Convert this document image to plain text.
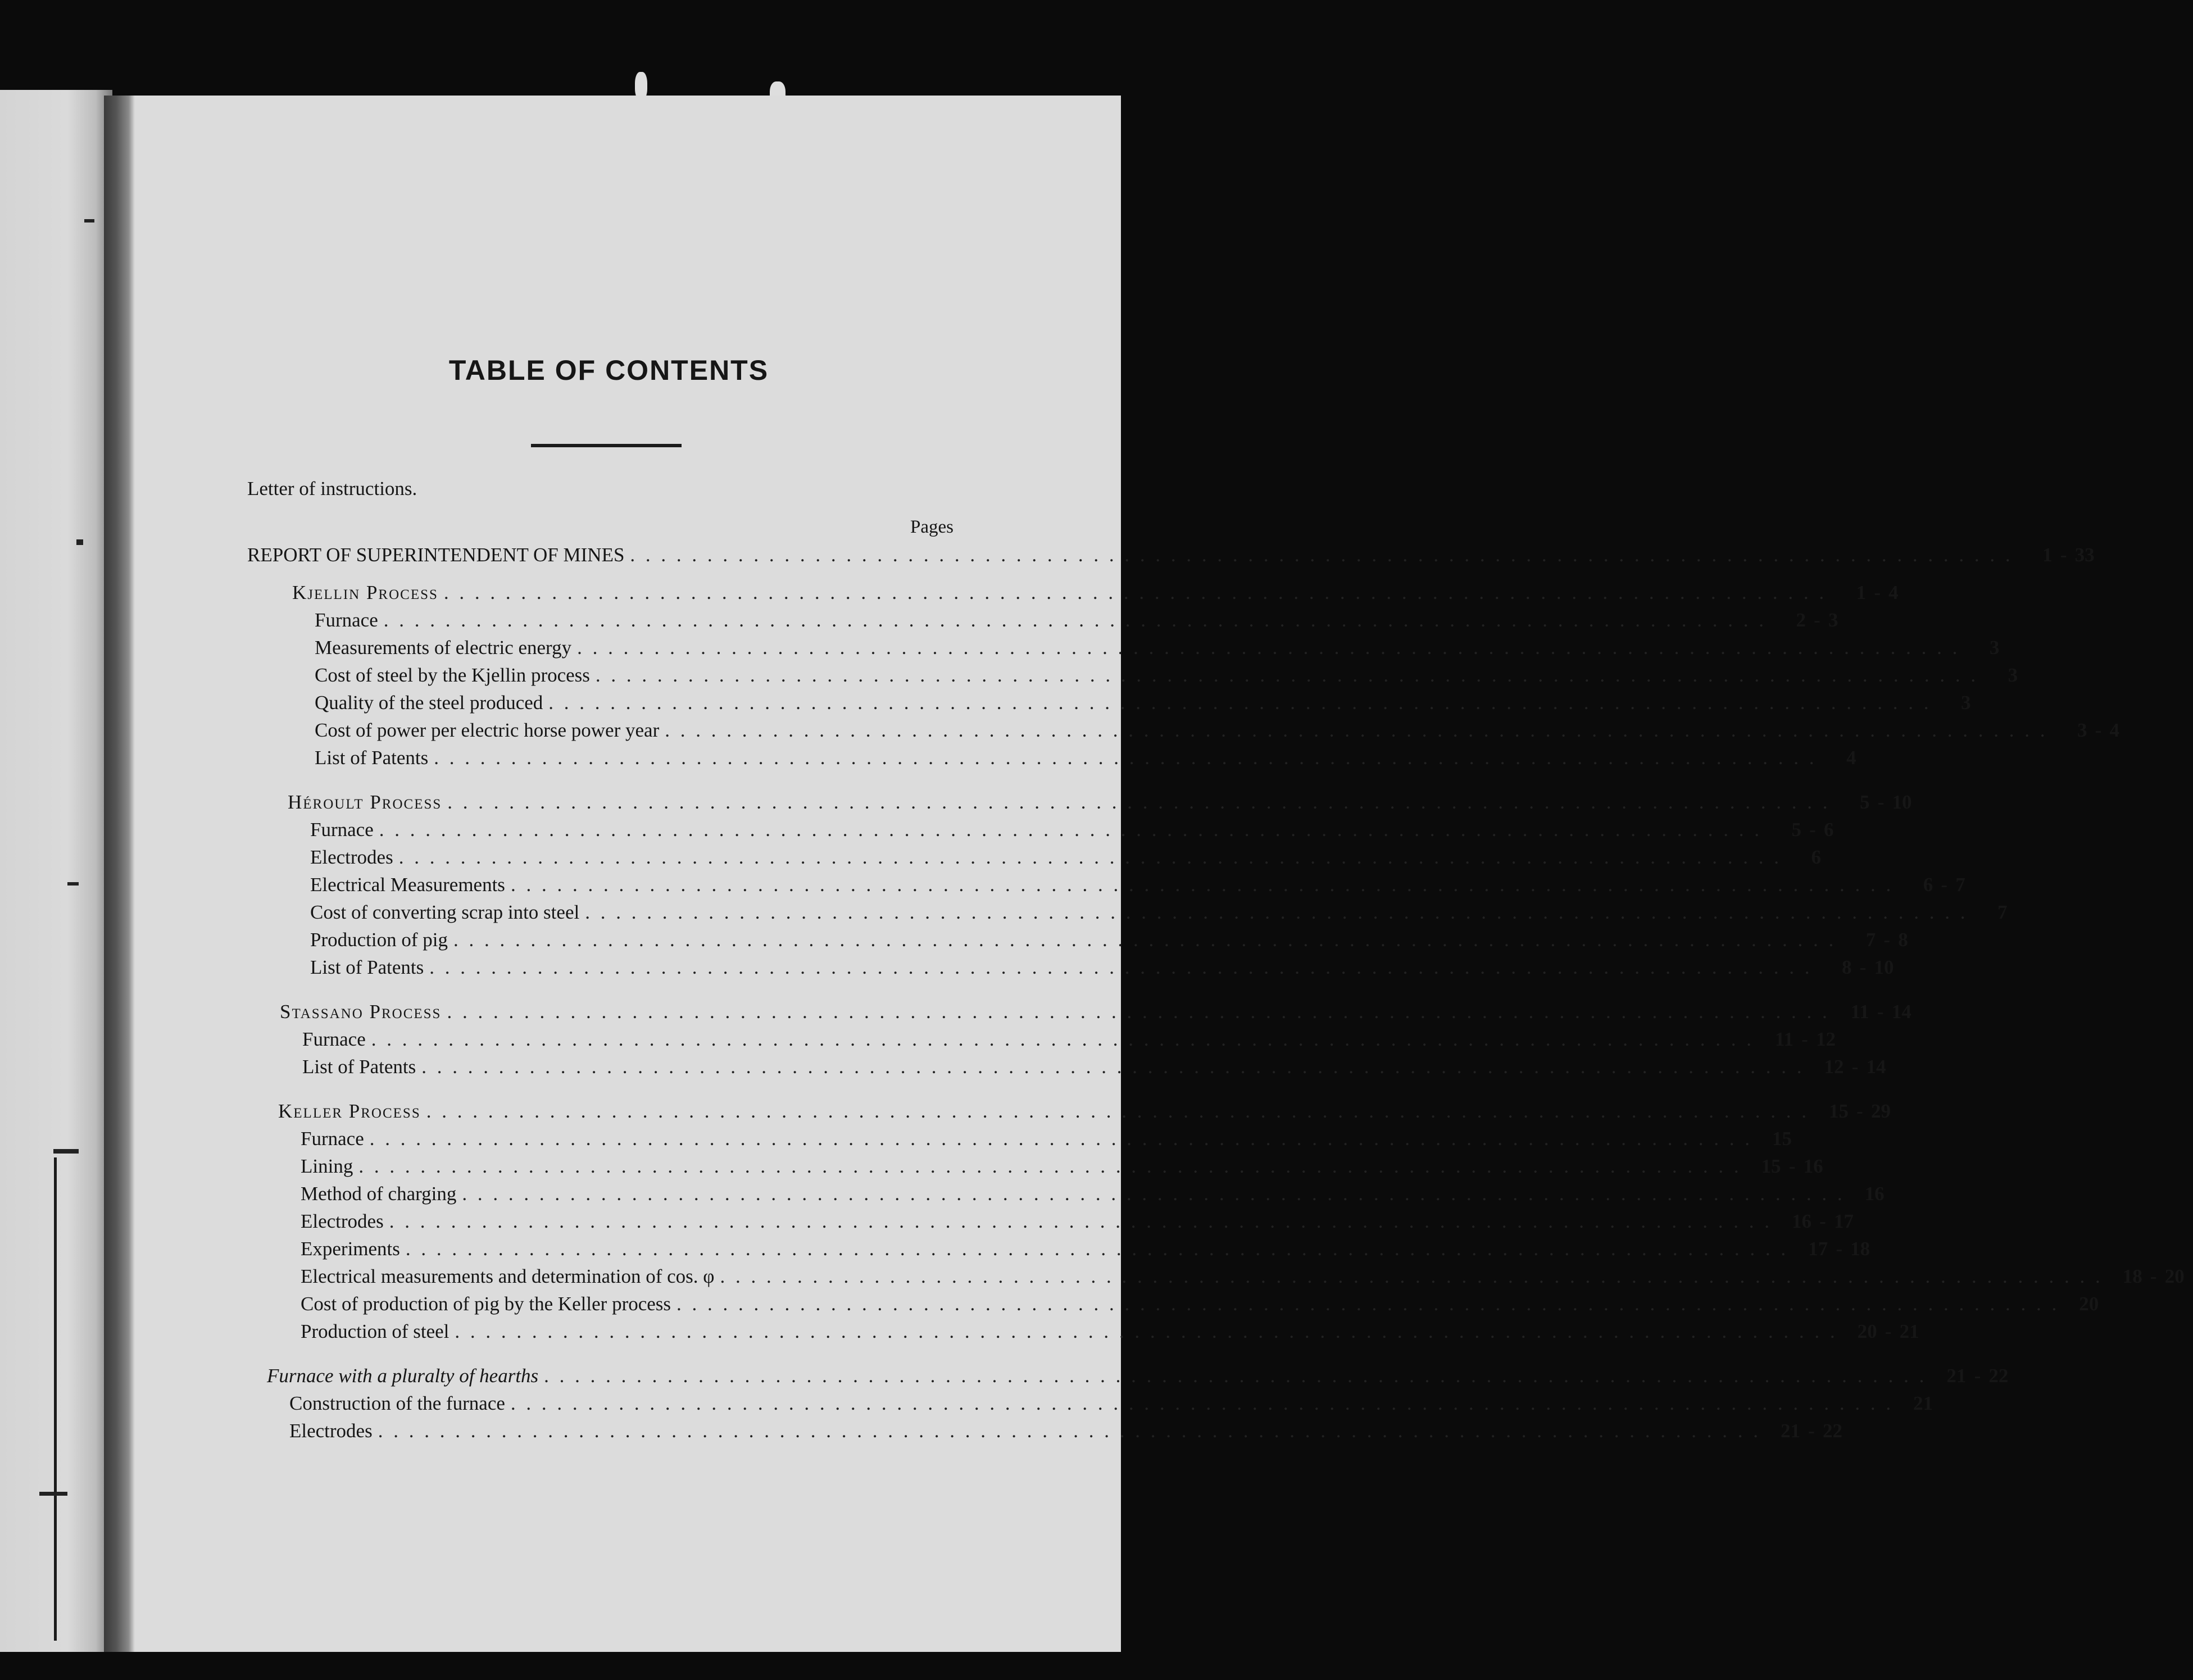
TABLE OF CONTENTS
Letter of instructions.
Pages
REPORT OF SUPERINTENDENT OF MINES . . . . . . . . . . . . . . . . . . . . . . . . . . . . . . . . . . . . . . . . . . . . . . . . . . . . . . . . . . . . . . . . . . . . . . . . . . . . . . . . . . . . . . . . . .	1 - 33
Kjellin Process . . . . . . . . . . . . . . . . . . . . . . . . . . . . . . . . . . . . . . . . . . . . . . . . . . . . . . . . . . . . . . . . . . . . . . . . . . . . . . . . . . . . . . . . . .	1 - 4
Furnace . . . . . . . . . . . . . . . . . . . . . . . . . . . . . . . . . . . . . . . . . . . . . . . . . . . . . . . . . . . . . . . . . . . . . . . . . . . . . . . . . . . . . . . . . .	2 - 3
Measurements of electric energy . . . . . . . . . . . . . . . . . . . . . . . . . . . . . . . . . . . . . . . . . . . . . . . . . . . . . . . . . . . . . . . . . . . . . . . . . . . . . . . . . . . . . . . . . .	3
Cost of steel by the Kjellin process . . . . . . . . . . . . . . . . . . . . . . . . . . . . . . . . . . . . . . . . . . . . . . . . . . . . . . . . . . . . . . . . . . . . . . . . . . . . . . . . . . . . . . . . . .	3
Quality of the steel produced . . . . . . . . . . . . . . . . . . . . . . . . . . . . . . . . . . . . . . . . . . . . . . . . . . . . . . . . . . . . . . . . . . . . . . . . . . . . . . . . . . . . . . . . . .	3
Cost of power per electric horse power year . . . . . . . . . . . . . . . . . . . . . . . . . . . . . . . . . . . . . . . . . . . . . . . . . . . . . . . . . . . . . . . . . . . . . . . . . . . . . . . . . . . . . . . . . .	3 - 4
List of Patents . . . . . . . . . . . . . . . . . . . . . . . . . . . . . . . . . . . . . . . . . . . . . . . . . . . . . . . . . . . . . . . . . . . . . . . . . . . . . . . . . . . . . . . . . .	4
Héroult Process . . . . . . . . . . . . . . . . . . . . . . . . . . . . . . . . . . . . . . . . . . . . . . . . . . . . . . . . . . . . . . . . . . . . . . . . . . . . . . . . . . . . . . . . . .	5 - 10
Furnace . . . . . . . . . . . . . . . . . . . . . . . . . . . . . . . . . . . . . . . . . . . . . . . . . . . . . . . . . . . . . . . . . . . . . . . . . . . . . . . . . . . . . . . . . .	5 - 6
Electrodes . . . . . . . . . . . . . . . . . . . . . . . . . . . . . . . . . . . . . . . . . . . . . . . . . . . . . . . . . . . . . . . . . . . . . . . . . . . . . . . . . . . . . . . . . .	6
Electrical Measurements . . . . . . . . . . . . . . . . . . . . . . . . . . . . . . . . . . . . . . . . . . . . . . . . . . . . . . . . . . . . . . . . . . . . . . . . . . . . . . . . . . . . . . . . . .	6 - 7
Cost of converting scrap into steel . . . . . . . . . . . . . . . . . . . . . . . . . . . . . . . . . . . . . . . . . . . . . . . . . . . . . . . . . . . . . . . . . . . . . . . . . . . . . . . . . . . . . . . . . .	7
Production of pig . . . . . . . . . . . . . . . . . . . . . . . . . . . . . . . . . . . . . . . . . . . . . . . . . . . . . . . . . . . . . . . . . . . . . . . . . . . . . . . . . . . . . . . . . .	7 - 8
List of Patents . . . . . . . . . . . . . . . . . . . . . . . . . . . . . . . . . . . . . . . . . . . . . . . . . . . . . . . . . . . . . . . . . . . . . . . . . . . . . . . . . . . . . . . . . .	8 - 10
Stassano Process . . . . . . . . . . . . . . . . . . . . . . . . . . . . . . . . . . . . . . . . . . . . . . . . . . . . . . . . . . . . . . . . . . . . . . . . . . . . . . . . . . . . . . . . . .	11 - 14
Furnace . . . . . . . . . . . . . . . . . . . . . . . . . . . . . . . . . . . . . . . . . . . . . . . . . . . . . . . . . . . . . . . . . . . . . . . . . . . . . . . . . . . . . . . . . .	11 - 12
List of Patents . . . . . . . . . . . . . . . . . . . . . . . . . . . . . . . . . . . . . . . . . . . . . . . . . . . . . . . . . . . . . . . . . . . . . . . . . . . . . . . . . . . . . . . . . .	12 - 14
Keller Process . . . . . . . . . . . . . . . . . . . . . . . . . . . . . . . . . . . . . . . . . . . . . . . . . . . . . . . . . . . . . . . . . . . . . . . . . . . . . . . . . . . . . . . . . .	15 - 29
Furnace . . . . . . . . . . . . . . . . . . . . . . . . . . . . . . . . . . . . . . . . . . . . . . . . . . . . . . . . . . . . . . . . . . . . . . . . . . . . . . . . . . . . . . . . . .	15
Lining . . . . . . . . . . . . . . . . . . . . . . . . . . . . . . . . . . . . . . . . . . . . . . . . . . . . . . . . . . . . . . . . . . . . . . . . . . . . . . . . . . . . . . . . . .	15 - 16
Method of charging . . . . . . . . . . . . . . . . . . . . . . . . . . . . . . . . . . . . . . . . . . . . . . . . . . . . . . . . . . . . . . . . . . . . . . . . . . . . . . . . . . . . . . . . . .	16
Electrodes . . . . . . . . . . . . . . . . . . . . . . . . . . . . . . . . . . . . . . . . . . . . . . . . . . . . . . . . . . . . . . . . . . . . . . . . . . . . . . . . . . . . . . . . . .	16 - 17
Experiments . . . . . . . . . . . . . . . . . . . . . . . . . . . . . . . . . . . . . . . . . . . . . . . . . . . . . . . . . . . . . . . . . . . . . . . . . . . . . . . . . . . . . . . . . .	17 - 18
Electrical measurements and determination of cos. φ . . . . . . . . . . . . . . . . . . . . . . . . . . . . . . . . . . . . . . . . . . . . . . . . . . . . . . . . . . . . . . . . . . . . . . . . . . . . . . . . . . . . . . . . . .	18 - 20
Cost of production of pig by the Keller process . . . . . . . . . . . . . . . . . . . . . . . . . . . . . . . . . . . . . . . . . . . . . . . . . . . . . . . . . . . . . . . . . . . . . . . . . . . . . . . . . . . . . . . . . .	20
Production of steel . . . . . . . . . . . . . . . . . . . . . . . . . . . . . . . . . . . . . . . . . . . . . . . . . . . . . . . . . . . . . . . . . . . . . . . . . . . . . . . . . . . . . . . . . .	20 - 21
Furnace with a pluralty of hearths . . . . . . . . . . . . . . . . . . . . . . . . . . . . . . . . . . . . . . . . . . . . . . . . . . . . . . . . . . . . . . . . . . . . . . . . . . . . . . . . . . . . . . . . . .	21 - 22
Construction of the furnace . . . . . . . . . . . . . . . . . . . . . . . . . . . . . . . . . . . . . . . . . . . . . . . . . . . . . . . . . . . . . . . . . . . . . . . . . . . . . . . . . . . . . . . . . .	21
Electrodes . . . . . . . . . . . . . . . . . . . . . . . . . . . . . . . . . . . . . . . . . . . . . . . . . . . . . . . . . . . . . . . . . . . . . . . . . . . . . . . . . . . . . . . . . .	21 - 22
